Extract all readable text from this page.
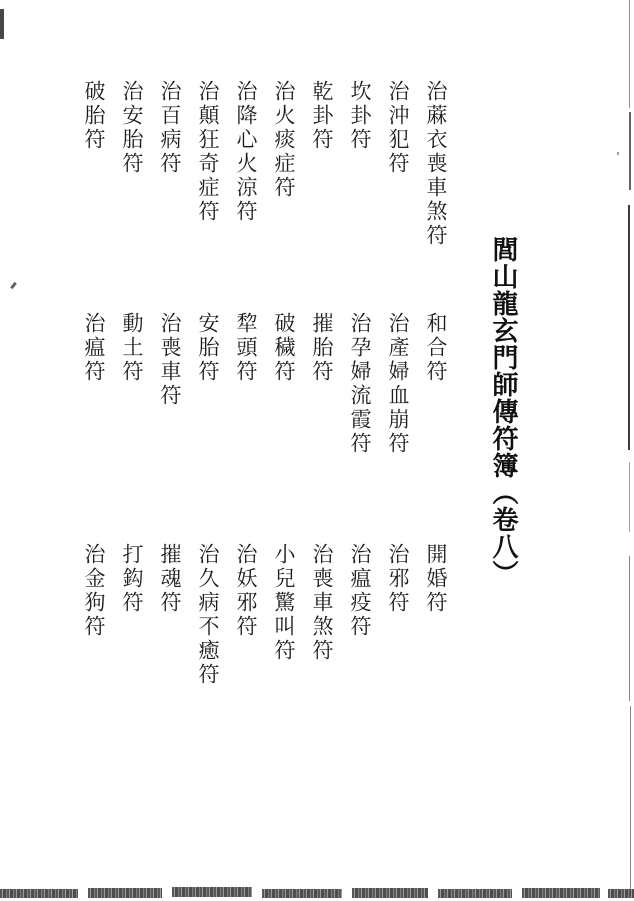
閭山龍玄門師傳符簿（卷八）
治蔴衣喪車煞符
治沖犯符
坎卦符
乾卦符
治火痰症符
治降心火涼符
治顛狂奇症符
治百病符
治安胎符
破胎符
和合符
治產婦血崩符
治孕婦流霞符
摧胎符
破穢符
犂頭符
安胎符
治喪車符
動土符
治瘟符
開婚符
治邪符
治瘟疫符
治喪車煞符
小兒驚叫符
治妖邪符
治久病不癒符
摧魂符
打鈎符
治金狗符
